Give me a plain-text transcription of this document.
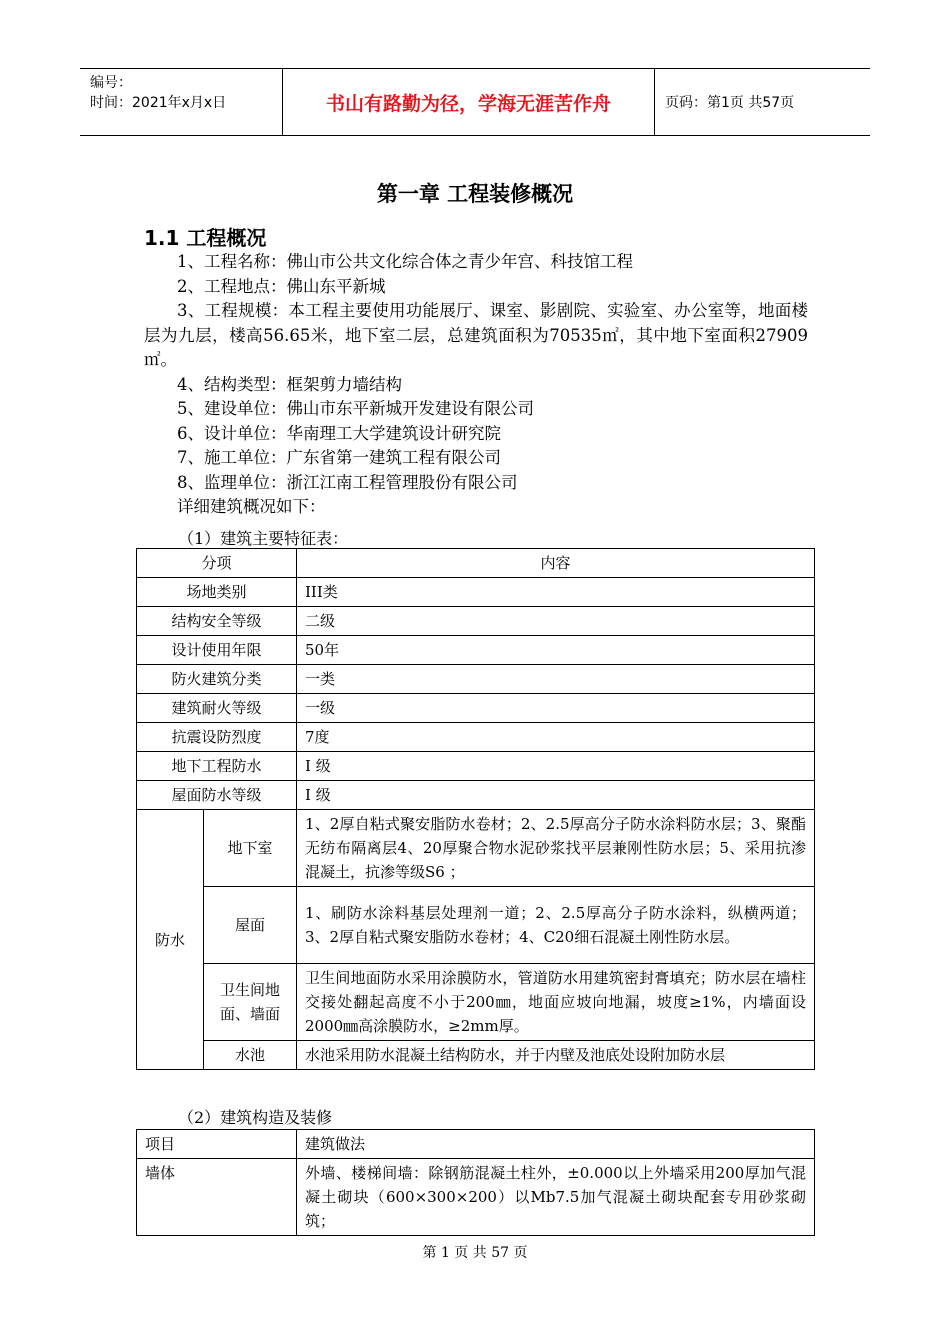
编号：
时间：2021年x月x日	书山有路勤为径，学海无涯苦作舟	页码：第1页 共57页
第一章 工程装修概况
1.1 工程概况

1、工程名称：佛山市公共文化综合体之青少年宫、科技馆工程

2、工程地点：佛山东平新城

3、工程规模：本工程主要使用功能展厅、课室、影剧院、实验室、办公室等，地面楼层为九层，楼高56.65米，地下室二层，总建筑面积为70535㎡，其中地下室面积27909㎡。

4、结构类型：框架剪力墙结构

5、建设单位：佛山市东平新城开发建设有限公司

6、设计单位：华南理工大学建筑设计研究院

7、施工单位：广东省第一建筑工程有限公司

8、监理单位：浙江江南工程管理股份有限公司

详细建筑概况如下：

（1）建筑主要特征表：
分项		内容
场地类别		III类
结构安全等级		二级
设计使用年限		50年
防火建筑分类		一类
建筑耐火等级		一级
抗震设防烈度		7度
地下工程防水		Ⅰ 级
屋面防水等级		Ⅰ 级
防水	地下室	1、2厚自粘式聚安脂防水卷材；2、2.5厚高分子防水涂料防水层；3、聚酯无纺布隔离层4、20厚聚合物水泥砂浆找平层兼刚性防水层；5、采用抗渗混凝土，抗渗等级S6 ；
	屋面	1、刷防水涂料基层处理剂一道；2、2.5厚高分子防水涂料，纵横两道；3、2厚自粘式聚安脂防水卷材；4、C20细石混凝土刚性防水层。
	卫生间地面、墙面	卫生间地面防水采用涂膜防水，管道防水用建筑密封膏填充；防水层在墙柱交接处翻起高度不小于200㎜，地面应坡向地漏，坡度≥1%，内墙面设2000㎜高涂膜防水，≥2mm厚。
	水池	水池采用防水混凝土结构防水，并于内壁及池底处设附加防水层
（2）建筑构造及装修
项目	建筑做法
墙体	外墙、楼梯间墙：除钢筋混凝土柱外，±0.000以上外墙采用200厚加气混凝土砌块（600×300×200）以Mb7.5加气混凝土砌块配套专用砂浆砌筑；
第 1 页 共 57 页
